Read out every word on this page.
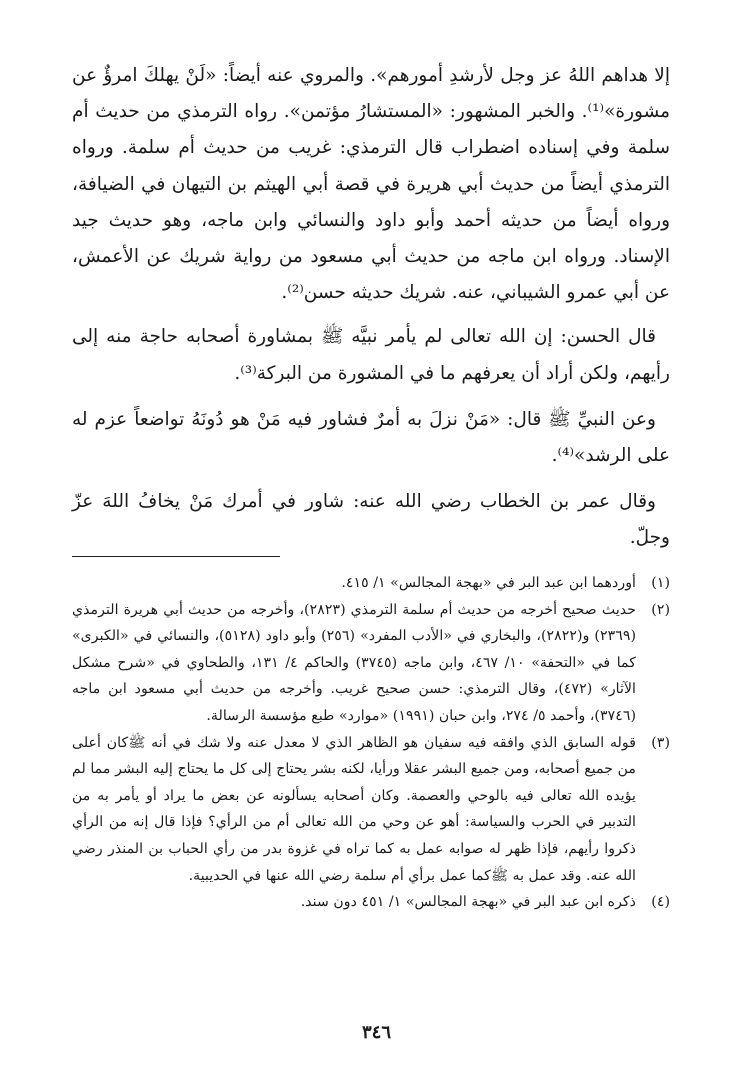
إلا هداهم اللهُ عز وجل لأرشدِ أمورهم». والمروي عنه أيضاً: «لَنْ يهلكَ امرؤٌ عن مشورة»⁽¹⁾. والخبر المشهور: «المستشارُ مؤتمن». رواه الترمذي من حديث أم سلمة وفي إسناده اضطراب قال الترمذي: غريب من حديث أم سلمة. ورواه الترمذي أيضاً من حديث أبي هريرة في قصة أبي الهيثم بن التيهان في الضيافة، ورواه أيضاً من حديثه أحمد وأبو داود والنسائي وابن ماجه، وهو حديث جيد الإسناد. ورواه ابن ماجه من حديث أبي مسعود من رواية شريك عن الأعمش، عن أبي عمرو الشيباني، عنه. شريك حديثه حسن⁽²⁾.

قال الحسن: إن الله تعالى لم يأمر نبيَّه ﷺ بمشاورة أصحابه حاجة منه إلى رأيهم، ولكن أراد أن يعرفهم ما في المشورة من البركة⁽³⁾.

وعن النبيِّ ﷺ قال: «مَنْ نزلَ به أمرٌ فشاور فيه مَنْ هو دُونَهُ تواضعاً عزم له على الرشد»⁽⁴⁾.

وقال عمر بن الخطاب رضي الله عنه: شاور في أمرك مَنْ يخافُ اللهَ عزّ وجلّ.

(١)
أوردهما ابن عبد البر في «بهجة المجالس» ١/ ٤١٥.
(٢)
حديث صحيح أخرجه من حديث أم سلمة الترمذي (٢٨٢٣)، وأخرجه من حديث أبي هريرة الترمذي (٢٣٦٩) و(٢٨٢٢)، والبخاري في «الأدب المفرد» (٢٥٦) وأبو داود (٥١٢٨)، والنسائي في «الكبرى» كما في «التحفة» ١٠/ ٤٦٧، وابن ماجه (٣٧٤٥) والحاكم ٤/ ١٣١، والطحاوي في «شرح مشكل الآثار» (٤٧٢)، وقال الترمذي: حسن صحيح غريب. وأخرجه من حديث أبي مسعود ابن ماجه (٣٧٤٦)، وأحمد ٥/ ٢٧٤، وابن حبان (١٩٩١) «موارد» طبع مؤسسة الرسالة.
(٣)
قوله السابق الذي وافقه فيه سفيان هو الظاهر الذي لا معدل عنه ولا شك في أنه ﷺكان أعلى من جميع أصحابه، ومن جميع البشر عقلا ورأيا، لكنه بشر يحتاج إلى كل ما يحتاج إليه البشر مما لم يؤيده الله تعالى فيه بالوحي والعصمة. وكان أصحابه يسألونه عن بعض ما يراد أو يأمر به من التدبير في الحرب والسياسة: أهو عن وحي من الله تعالى أم من الرأي؟ فإذا قال إنه من الرأي ذكروا رأيهم، فإذا ظهر له صوابه عمل به كما تراه في غزوة بدر من رأي الحباب بن المنذر رضي الله عنه. وقد عمل به ﷺكما عمل برأي أم سلمة رضي الله عنها في الحديبية.
(٤)
ذكره ابن عبد البر في «بهجة المجالس» ١/ ٤٥١ دون سند.
٣٤٦
